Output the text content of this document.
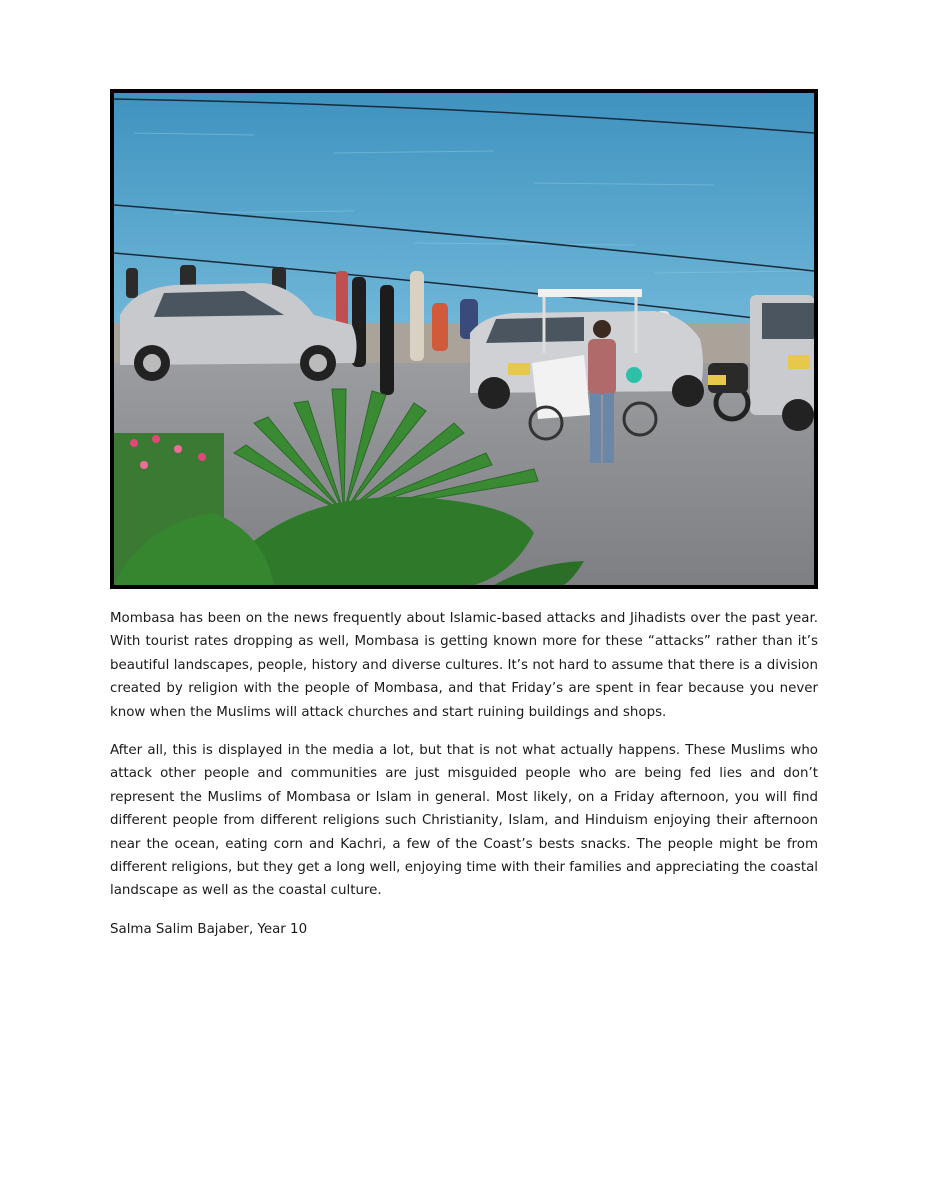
Mombasa has been on the news frequently about Islamic-based attacks and Jihadists over the past year. With tourist rates dropping as well, Mombasa is getting known more for these “attacks” rather than it’s beautiful landscapes, people, history and diverse cultures. It’s not hard to assume that there is a division created by religion with the people of Mombasa, and that Friday’s are spent in fear because you never know when the Muslims will attack churches and start ruining buildings and shops.

After all, this is displayed in the media a lot, but that is not what actually happens. These Muslims who attack other people and communities are just misguided people who are being fed lies and don’t represent the Muslims of Mombasa or Islam in general. Most likely, on a Friday afternoon, you will find different people from different religions such Christianity, Islam, and Hinduism enjoying their afternoon near the ocean, eating corn and Kachri, a few of the Coast’s bests snacks. The people might be from different religions, but they get a long well, enjoying time with their families and appreciating the coastal landscape as well as the coastal culture.

Salma Salim Bajaber, Year 10
